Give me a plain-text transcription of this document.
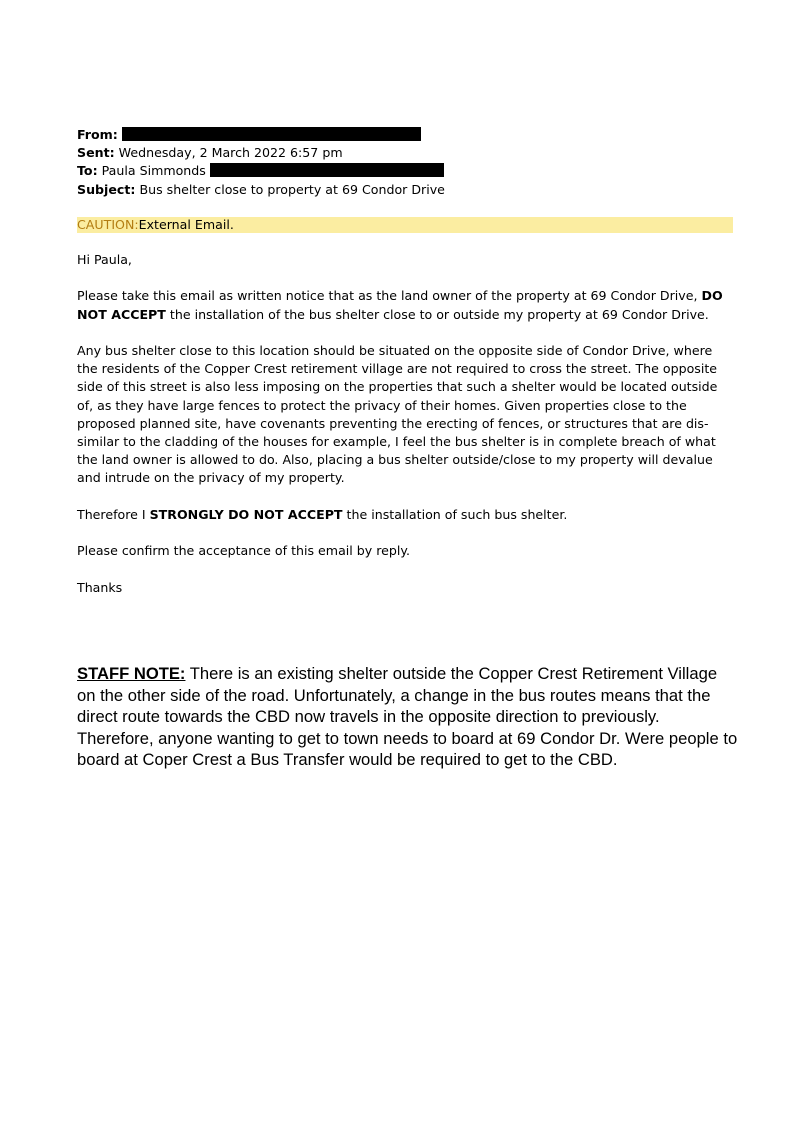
From:
Sent: Wednesday, 2 March 2022 6:57 pm
To: Paula Simmonds
Subject: Bus shelter close to property at 69 Condor Drive
CAUTION:External Email.

Hi Paula,

Please take this email as written notice that as the land owner of the property at 69 Condor Drive, DO NOT ACCEPT the installation of the bus shelter close to or outside my property at 69 Condor Drive.

Any bus shelter close to this location should be situated on the opposite side of Condor Drive, where the residents of the Copper Crest retirement village are not required to cross the street. The opposite side of this street is also less imposing on the properties that such a shelter would be located outside of, as they have large fences to protect the privacy of their homes. Given properties close to the proposed planned site, have covenants preventing the erecting of fences, or structures that are dis-similar to the cladding of the houses for example, I feel the bus shelter is in complete breach of what the land owner is allowed to do. Also, placing a bus shelter outside/close to my property will devalue and intrude on the privacy of my property.

Therefore I STRONGLY DO NOT ACCEPT the installation of such bus shelter.

Please confirm the acceptance of this email by reply.

Thanks

STAFF NOTE: There is an existing shelter outside the Copper Crest Retirement Village on the other side of the road. Unfortunately, a change in the bus routes means that the direct route towards the CBD now travels in the opposite direction to previously. Therefore, anyone wanting to get to town needs to board at 69 Condor Dr. Were people to board at Coper Crest a Bus Transfer would be required to get to the CBD.
